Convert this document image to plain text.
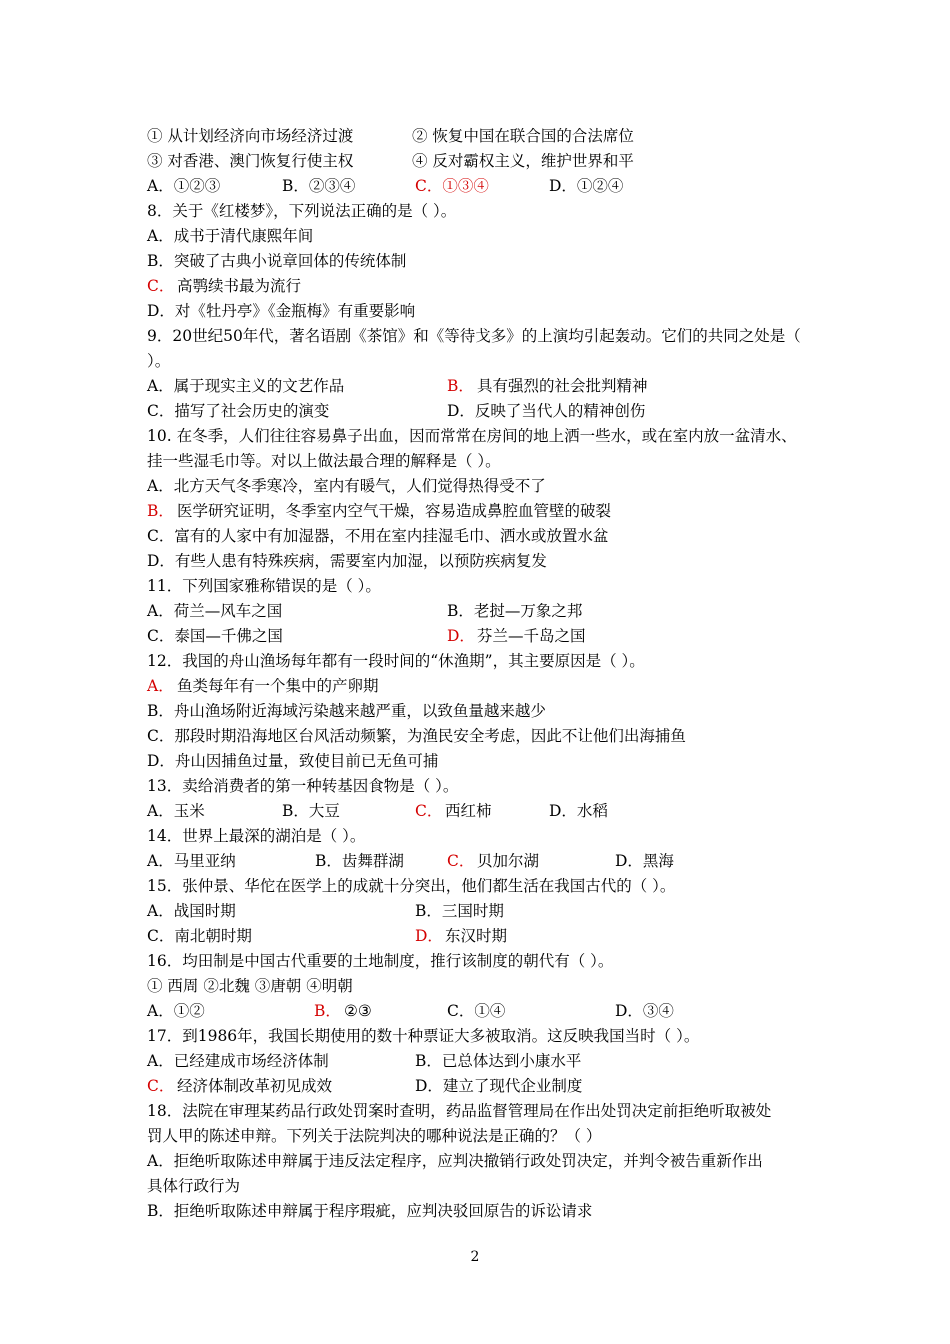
① 从计划经济向市场经济过渡	② 恢复中国在联合国的合法席位
③ 对香港、澳门恢复行使主权	④ 反对霸权主义，维护世界和平
A．①②③	B．②③④	C．①③④	D．①②④
8．关于《红楼梦》，下列说法正确的是（ ）。
A．成书于清代康熙年间
B．突破了古典小说章回体的传统体制
C． 高鹗续书最为流行
D．对《牡丹亭》《金瓶梅》有重要影响
9．20世纪50年代，著名语剧《茶馆》和《等待戈多》的上演均引起轰动。它们的共同之处是（
）。
A．属于现实主义的文艺作品	B． 具有强烈的社会批判精神
C．描写了社会历史的演变	D．反映了当代人的精神创伤
10. 在冬季，人们往往容易鼻子出血，因而常常在房间的地上洒一些水，或在室内放一盆清水、
挂一些湿毛巾等。对以上做法最合理的解释是（ ）。
A．北方天气冬季寒冷，室内有暖气，人们觉得热得受不了
B． 医学研究证明，冬季室内空气干燥，容易造成鼻腔血管壁的破裂
C．富有的人家中有加湿器，不用在室内挂湿毛巾、洒水或放置水盆
D．有些人患有特殊疾病，需要室内加湿，以预防疾病复发
11．下列国家雅称错误的是（ ）。
A．荷兰—风车之国	B．老挝—万象之邦
C．泰国—千佛之国	D． 芬兰—千岛之国
12．我国的舟山渔场每年都有一段时间的“休渔期”，其主要原因是（ ）。
A． 鱼类每年有一个集中的产卵期
B．舟山渔场附近海域污染越来越严重，以致鱼量越来越少
C．那段时期沿海地区台风活动频繁，为渔民安全考虑，因此不让他们出海捕鱼
D．舟山因捕鱼过量，致使目前已无鱼可捕
13．卖给消费者的第一种转基因食物是（ ）。
A．玉米	B．大豆	C． 西红柿	D．水稻
14．世界上最深的湖泊是（ ）。
A．马里亚纳	B．齿舞群湖	C． 贝加尔湖	D．黑海
15．张仲景、华佗在医学上的成就十分突出，他们都生活在我国古代的（ ）。
A．战国时期	B．三国时期
C．南北朝时期	D． 东汉时期
16．均田制是中国古代重要的土地制度，推行该制度的朝代有（ ）。
① 西周 ②北魏 ③唐朝 ④明朝
A．①②	B． ②③	C．①④	D．③④
17．到1986年，我国长期使用的数十种票证大多被取消。这反映我国当时（ ）。
A．已经建成市场经济体制	B．已总体达到小康水平
C． 经济体制改革初见成效	D．建立了现代企业制度
18．法院在审理某药品行政处罚案时查明，药品监督管理局在作出处罚决定前拒绝听取被处
罚人甲的陈述申辩。下列关于法院判决的哪种说法是正确的？（ ）
A．拒绝听取陈述申辩属于违反法定程序，应判决撤销行政处罚决定，并判令被告重新作出
具体行政行为
B．拒绝听取陈述申辩属于程序瑕疵，应判决驳回原告的诉讼请求
2
